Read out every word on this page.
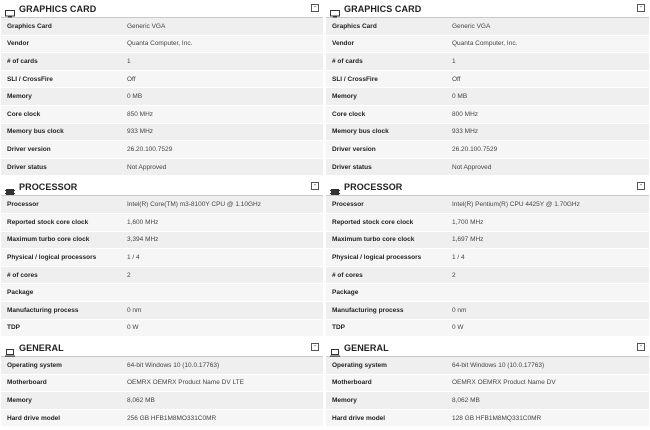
GRAPHICS CARD	-
Graphics Card	Generic VGA
Vendor	Quanta Computer, Inc.
# of cards	1
SLI / CrossFire	Off
Memory	0 MB
Core clock	850 MHz
Memory bus clock	933 MHz
Driver version	26.20.100.7529
Driver status	Not Approved
PROCESSOR	-
Processor	Intel(R) Core(TM) m3-8100Y CPU @ 1.10GHz
Reported stock core clock	1,600 MHz
Maximum turbo core clock	3,394 MHz
Physical / logical processors	1 / 4
# of cores	2
Package
Manufacturing process	0 nm
TDP	0 W
GENERAL	-
Operating system	64-bit Windows 10 (10.0.17763)
Motherboard	OEMRX OEMRX Product Name DV LTE
Memory	8,062 MB
Hard drive model	256 GB HFB1M8MO331C0MR
GRAPHICS CARD	-
Graphics Card	Generic VGA
Vendor	Quanta Computer, Inc.
# of cards	1
SLI / CrossFire	Off
Memory	0 MB
Core clock	800 MHz
Memory bus clock	933 MHz
Driver version	26.20.100.7529
Driver status	Not Approved
PROCESSOR	-
Processor	Intel(R) Pentium(R) CPU 4425Y @ 1.70GHz
Reported stock core clock	1,700 MHz
Maximum turbo core clock	1,697 MHz
Physical / logical processors	1 / 4
# of cores	2
Package
Manufacturing process	0 nm
TDP	0 W
GENERAL	-
Operating system	64-bit Windows 10 (10.0.17763)
Motherboard	OEMRX OEMRX Product Name DV
Memory	8,062 MB
Hard drive model	128 GB HFB1M8MQ331C0MR
